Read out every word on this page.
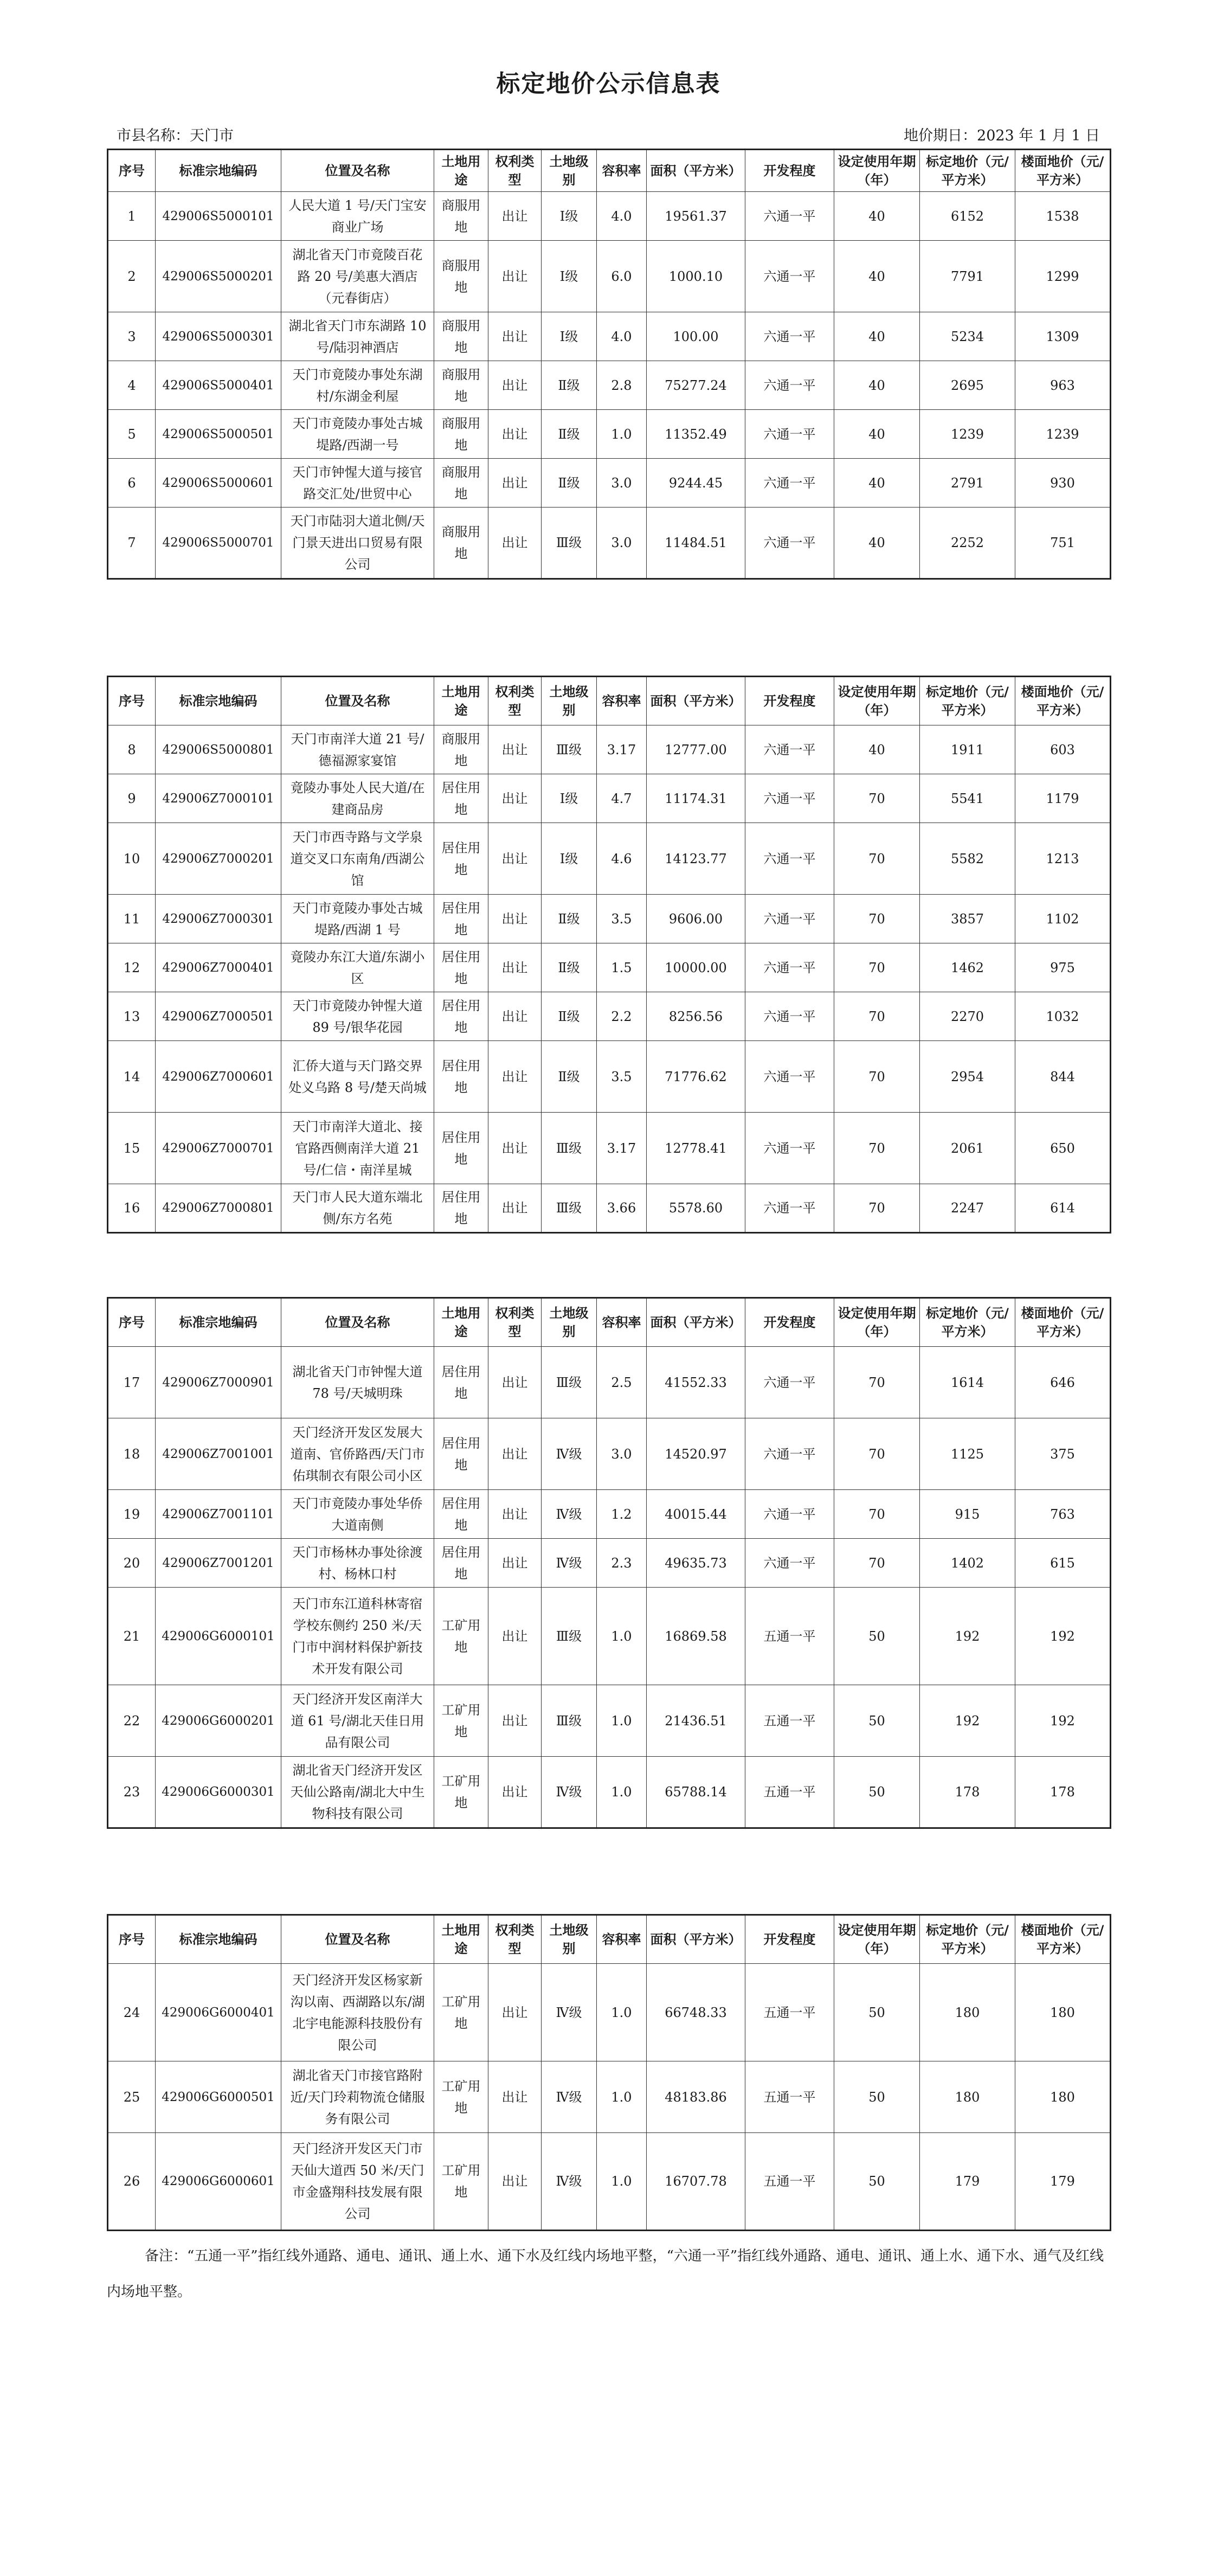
标定地价公示信息表
市县名称：天门市	地价期日：2023 年 1 月 1 日
序号	标准宗地编码	位置及名称	土地用途	权利类型	土地级别	容积率	面积（平方米）	开发程度	设定使用年期（年）	标定地价（元/平方米）	楼面地价（元/平方米）
1	429006S5000101	人民大道 1 号/天门宝安商业广场	商服用地	出让	Ⅰ级	4.0	19561.37	六通一平	40	6152	1538
2	429006S5000201	湖北省天门市竟陵百花路 20 号/美惠大酒店（元春街店）	商服用地	出让	Ⅰ级	6.0	1000.10	六通一平	40	7791	1299
3	429006S5000301	湖北省天门市东湖路 10 号/陆羽神酒店	商服用地	出让	Ⅰ级	4.0	100.00	六通一平	40	5234	1309
4	429006S5000401	天门市竟陵办事处东湖村/东湖金利屋	商服用地	出让	Ⅱ级	2.8	75277.24	六通一平	40	2695	963
5	429006S5000501	天门市竟陵办事处古城堤路/西湖一号	商服用地	出让	Ⅱ级	1.0	11352.49	六通一平	40	1239	1239
6	429006S5000601	天门市钟惺大道与接官路交汇处/世贸中心	商服用地	出让	Ⅱ级	3.0	9244.45	六通一平	40	2791	930
7	429006S5000701	天门市陆羽大道北侧/天门景天进出口贸易有限公司	商服用地	出让	Ⅲ级	3.0	11484.51	六通一平	40	2252	751
序号	标准宗地编码	位置及名称	土地用途	权利类型	土地级别	容积率	面积（平方米）	开发程度	设定使用年期（年）	标定地价（元/平方米）	楼面地价（元/平方米）
8	429006S5000801	天门市南洋大道 21 号/德福源家宴馆	商服用地	出让	Ⅲ级	3.17	12777.00	六通一平	40	1911	603
9	429006Z7000101	竟陵办事处人民大道/在建商品房	居住用地	出让	Ⅰ级	4.7	11174.31	六通一平	70	5541	1179
10	429006Z7000201	天门市西寺路与文学泉道交叉口东南角/西湖公馆	居住用地	出让	Ⅰ级	4.6	14123.77	六通一平	70	5582	1213
11	429006Z7000301	天门市竟陵办事处古城堤路/西湖 1 号	居住用地	出让	Ⅱ级	3.5	9606.00	六通一平	70	3857	1102
12	429006Z7000401	竟陵办东江大道/东湖小区	居住用地	出让	Ⅱ级	1.5	10000.00	六通一平	70	1462	975
13	429006Z7000501	天门市竟陵办钟惺大道 89 号/银华花园	居住用地	出让	Ⅱ级	2.2	8256.56	六通一平	70	2270	1032
14	429006Z7000601	汇侨大道与天门路交界处义乌路 8 号/楚天尚城	居住用地	出让	Ⅱ级	3.5	71776.62	六通一平	70	2954	844
15	429006Z7000701	天门市南洋大道北、接官路西侧南洋大道 21 号/仁信・南洋星城	居住用地	出让	Ⅲ级	3.17	12778.41	六通一平	70	2061	650
16	429006Z7000801	天门市人民大道东端北侧/东方名苑	居住用地	出让	Ⅲ级	3.66	5578.60	六通一平	70	2247	614
序号	标准宗地编码	位置及名称	土地用途	权利类型	土地级别	容积率	面积（平方米）	开发程度	设定使用年期（年）	标定地价（元/平方米）	楼面地价（元/平方米）
17	429006Z7000901	湖北省天门市钟惺大道 78 号/天城明珠	居住用地	出让	Ⅲ级	2.5	41552.33	六通一平	70	1614	646
18	429006Z7001001	天门经济开发区发展大道南、官侨路西/天门市佑琪制衣有限公司小区	居住用地	出让	Ⅳ级	3.0	14520.97	六通一平	70	1125	375
19	429006Z7001101	天门市竟陵办事处华侨大道南侧	居住用地	出让	Ⅳ级	1.2	40015.44	六通一平	70	915	763
20	429006Z7001201	天门市杨林办事处徐渡村、杨林口村	居住用地	出让	Ⅳ级	2.3	49635.73	六通一平	70	1402	615
21	429006G6000101	天门市东江道科林寄宿学校东侧约 250 米/天门市中润材料保护新技术开发有限公司	工矿用地	出让	Ⅲ级	1.0	16869.58	五通一平	50	192	192
22	429006G6000201	天门经济开发区南洋大道 61 号/湖北天佳日用品有限公司	工矿用地	出让	Ⅲ级	1.0	21436.51	五通一平	50	192	192
23	429006G6000301	湖北省天门经济开发区天仙公路南/湖北大中生物科技有限公司	工矿用地	出让	Ⅳ级	1.0	65788.14	五通一平	50	178	178
序号	标准宗地编码	位置及名称	土地用途	权利类型	土地级别	容积率	面积（平方米）	开发程度	设定使用年期（年）	标定地价（元/平方米）	楼面地价（元/平方米）
24	429006G6000401	天门经济开发区杨家新沟以南、西湖路以东/湖北宇电能源科技股份有限公司	工矿用地	出让	Ⅳ级	1.0	66748.33	五通一平	50	180	180
25	429006G6000501	湖北省天门市接官路附近/天门玲莉物流仓储服务有限公司	工矿用地	出让	Ⅳ级	1.0	48183.86	五通一平	50	180	180
26	429006G6000601	天门经济开发区天门市天仙大道西 50 米/天门市金盛翔科技发展有限公司	工矿用地	出让	Ⅳ级	1.0	16707.78	五通一平	50	179	179
备注：“五通一平”指红线外通路、通电、通讯、通上水、通下水及红线内场地平整，“六通一平”指红线外通路、通电、通讯、通上水、通下水、通气及红线内场地平整。
